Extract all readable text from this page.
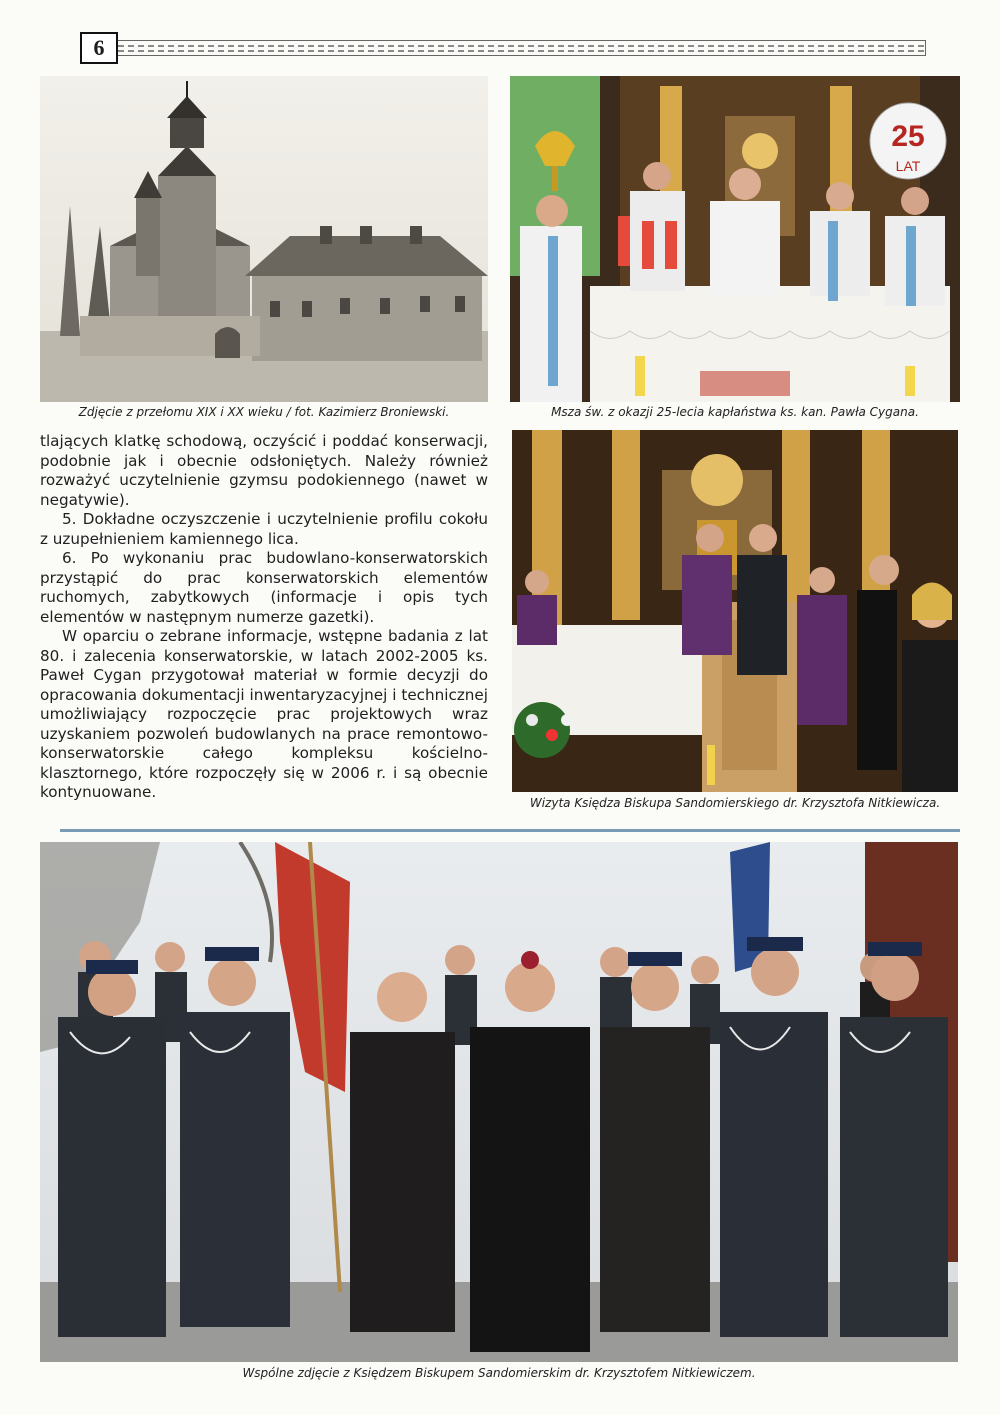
6
Zdjęcie z przełomu XIX i XX wieku / fot. Kazimierz Broniewski.
25
LAT
Msza św. z okazji 25-lecia kapłaństwa ks. kan. Pawła Cygana.
Wizyta Księdza Biskupa Sandomierskiego dr. Krzysztofa Nitkiewicza.

tlających klatkę schodową, oczyścić i poddać konserwacji, podobnie jak i obecnie odsłoniętych. Należy również rozważyć uczytelnienie gzymsu podokiennego (nawet w negatywie).

5. Dokładne oczyszczenie i uczytelnienie profilu cokołu z uzupełnieniem kamiennego lica.

6. Po wykonaniu prac budowlano-konserwatorskich przystąpić do prac konserwatorskich elementów ruchomych, zabytkowych (informacje i opis tych elementów w następnym numerze gazetki).

W oparciu o zebrane informacje, wstępne badania z lat 80. i zalecenia konserwatorskie, w latach 2002-2005 ks. Paweł Cygan przygotował materiał w formie decyzji do opracowania dokumentacji inwentaryzacyjnej i technicznej umożliwiający rozpoczęcie prac projektowych wraz uzyskaniem pozwoleń budowlanych na prace remontowo-konserwatorskie całego kompleksu kościelno-klasztornego, które rozpoczęły się w 2006 r. i są obecnie kontynuowane.

Wspólne zdjęcie z Księdzem Biskupem Sandomierskim dr. Krzysztofem Nitkiewiczem.
